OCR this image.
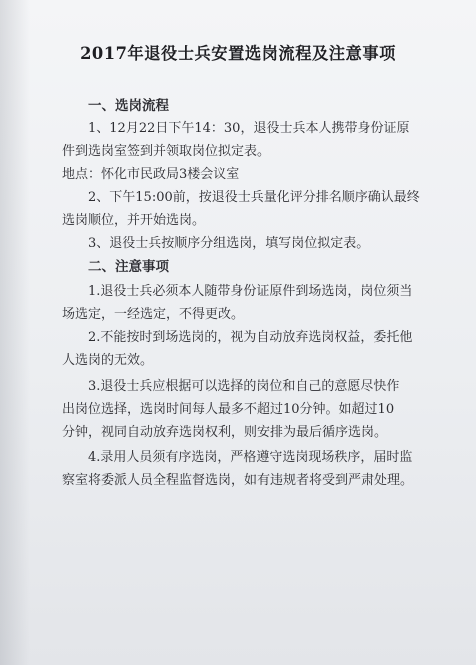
2017年退役士兵安置选岗流程及注意事项
一、选岗流程
1、12月22日下午14：30，退役士兵本人携带身份证原
件到选岗室签到并领取岗位拟定表。
地点：怀化市民政局3楼会议室
2、下午15:00前，按退役士兵量化评分排名顺序确认最终
选岗顺位，并开始选岗。
3、退役士兵按顺序分组选岗，填写岗位拟定表。
二、注意事项
1.退役士兵必须本人随带身份证原件到场选岗，岗位须当
场选定，一经选定，不得更改。
2.不能按时到场选岗的，视为自动放弃选岗权益，委托他
人选岗的无效。
3.退役士兵应根据可以选择的岗位和自己的意愿尽快作
出岗位选择，选岗时间每人最多不超过10分钟。如超过10
分钟，视同自动放弃选岗权利，则安排为最后循序选岗。
4.录用人员须有序选岗，严格遵守选岗现场秩序，届时监
察室将委派人员全程监督选岗，如有违规者将受到严肃处理。
